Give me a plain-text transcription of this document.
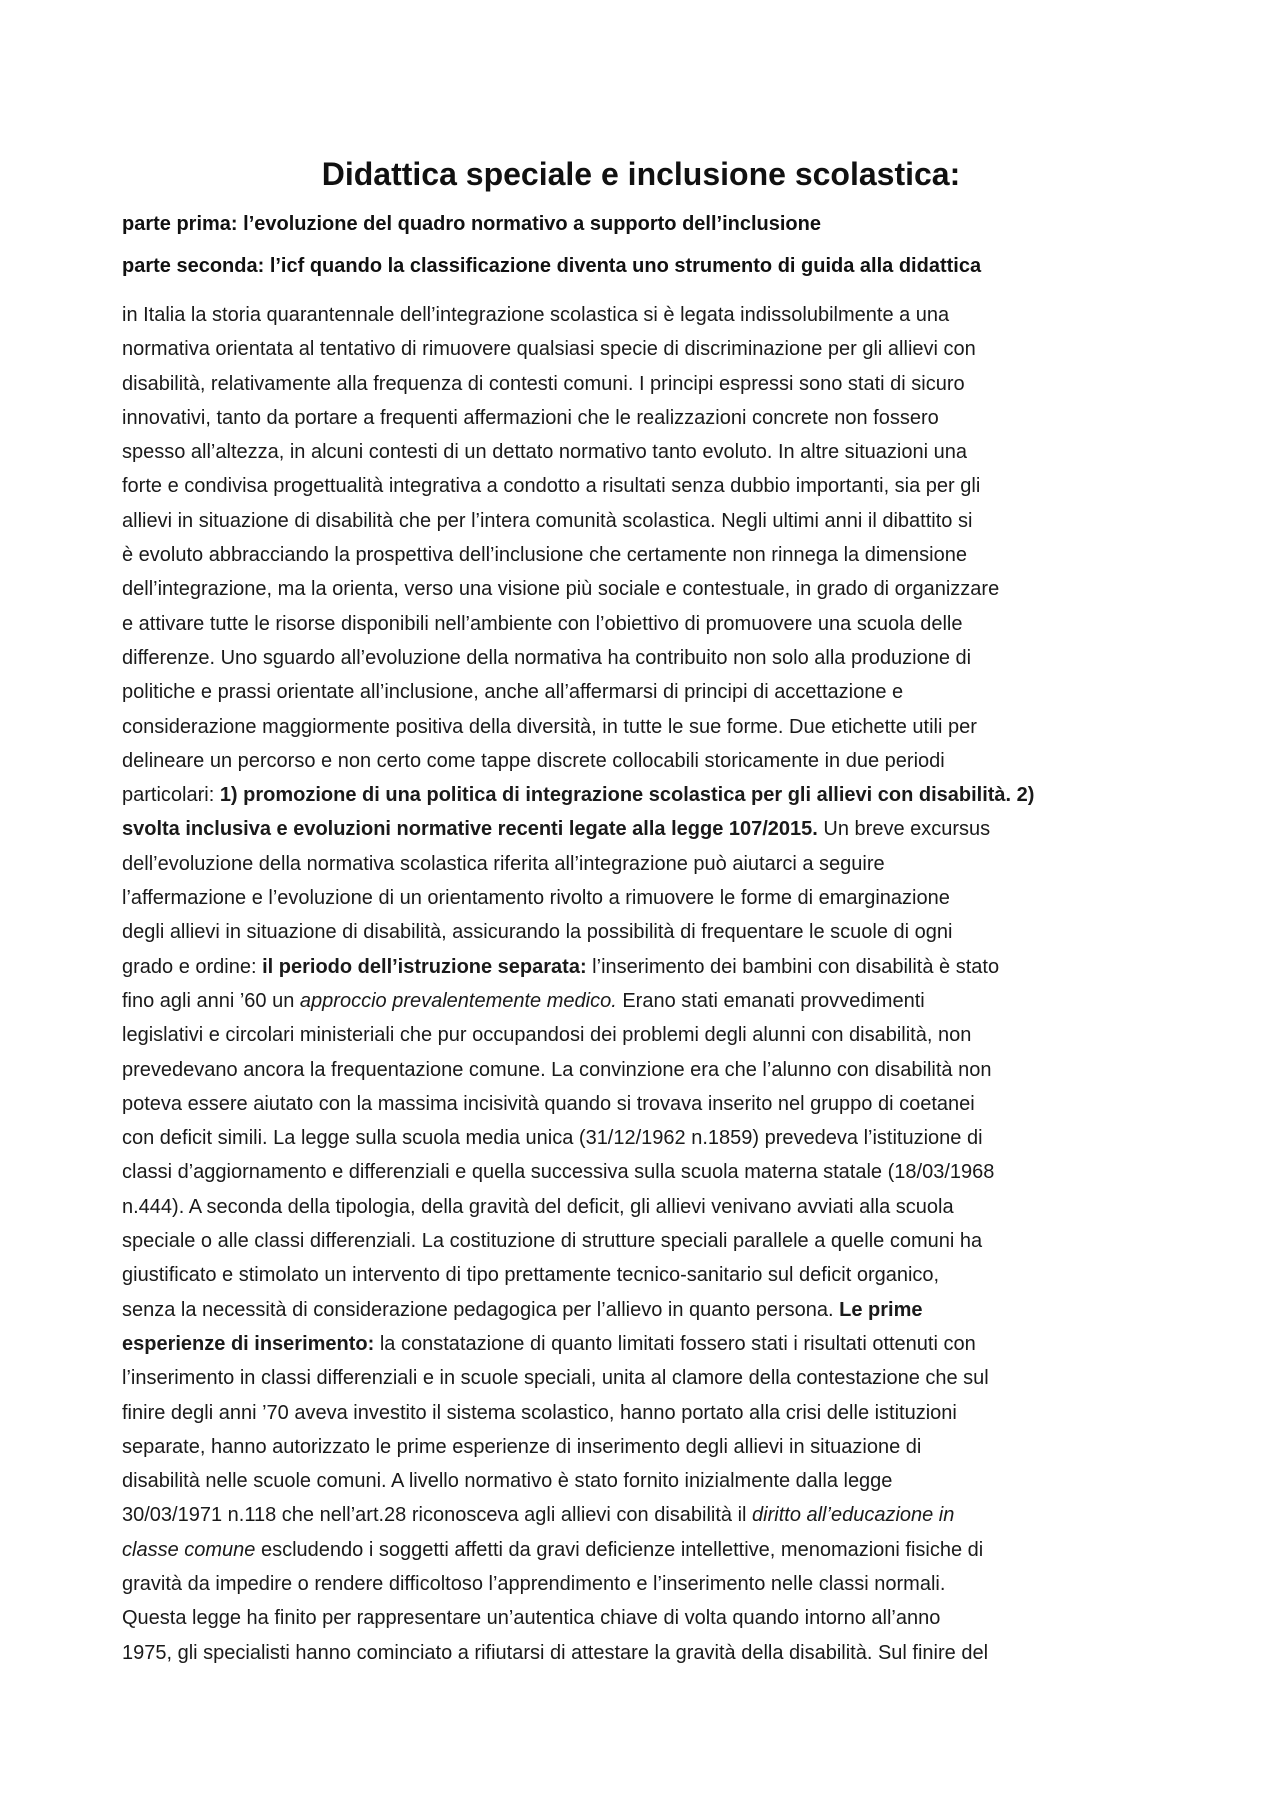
Didattica speciale e inclusione scolastica:
parte prima: l’evoluzione del quadro normativo a supporto dell’inclusione
parte seconda: l’icf quando la classificazione diventa uno strumento di guida alla didattica
in Italia la storia quarantennale dell’integrazione scolastica si è legata indissolubilmente a una
normativa orientata al tentativo di rimuovere qualsiasi specie di discriminazione per gli allievi con
disabilità, relativamente alla frequenza di contesti comuni. I principi espressi sono stati di sicuro
innovativi, tanto da portare a frequenti affermazioni che le realizzazioni concrete non fossero
spesso all’altezza, in alcuni contesti di un dettato normativo tanto evoluto. In altre situazioni una
forte e condivisa progettualità integrativa a condotto a risultati senza dubbio importanti, sia per gli
allievi in situazione di disabilità che per l’intera comunità scolastica. Negli ultimi anni il dibattito si
è evoluto abbracciando la prospettiva dell’inclusione che certamente non rinnega la dimensione
dell’integrazione, ma la orienta, verso una visione più sociale e contestuale, in grado di organizzare
e attivare tutte le risorse disponibili nell’ambiente con l’obiettivo di promuovere una scuola delle
differenze. Uno sguardo all’evoluzione della normativa ha contribuito non solo alla produzione di
politiche e prassi orientate all’inclusione, anche all’affermarsi di principi di accettazione e
considerazione maggiormente positiva della diversità, in tutte le sue forme. Due etichette utili per
delineare un percorso e non certo come tappe discrete collocabili storicamente in due periodi
particolari: 1) promozione di una politica di integrazione scolastica per gli allievi con disabilità. 2)
svolta inclusiva e evoluzioni normative recenti legate alla legge 107/2015. Un breve excursus
dell’evoluzione della normativa scolastica riferita all’integrazione può aiutarci a seguire
l’affermazione e l’evoluzione di un orientamento rivolto a rimuovere le forme di emarginazione
degli allievi in situazione di disabilità, assicurando la possibilità di frequentare le scuole di ogni
grado e ordine: il periodo dell’istruzione separata: l’inserimento dei bambini con disabilità è stato
fino agli anni ’60 un approccio prevalentemente medico. Erano stati emanati provvedimenti
legislativi e circolari ministeriali che pur occupandosi dei problemi degli alunni con disabilità, non
prevedevano ancora la frequentazione comune. La convinzione era che l’alunno con disabilità non
poteva essere aiutato con la massima incisività quando si trovava inserito nel gruppo di coetanei
con deficit simili. La legge sulla scuola media unica (31/12/1962 n.1859) prevedeva l’istituzione di
classi d’aggiornamento e differenziali e quella successiva sulla scuola materna statale (18/03/1968
n.444). A seconda della tipologia, della gravità del deficit, gli allievi venivano avviati alla scuola
speciale o alle classi differenziali. La costituzione di strutture speciali parallele a quelle comuni ha
giustificato e stimolato un intervento di tipo prettamente tecnico-sanitario sul deficit organico,
senza la necessità di considerazione pedagogica per l’allievo in quanto persona. Le prime
esperienze di inserimento: la constatazione di quanto limitati fossero stati i risultati ottenuti con
l’inserimento in classi differenziali e in scuole speciali, unita al clamore della contestazione che sul
finire degli anni ’70 aveva investito il sistema scolastico, hanno portato alla crisi delle istituzioni
separate, hanno autorizzato le prime esperienze di inserimento degli allievi in situazione di
disabilità nelle scuole comuni. A livello normativo è stato fornito inizialmente dalla legge
30/03/1971 n.118 che nell’art.28 riconosceva agli allievi con disabilità il diritto all’educazione in
classe comune escludendo i soggetti affetti da gravi deficienze intellettive, menomazioni fisiche di
gravità da impedire o rendere difficoltoso l’apprendimento e l’inserimento nelle classi normali.
Questa legge ha finito per rappresentare un’autentica chiave di volta quando intorno all’anno
1975, gli specialisti hanno cominciato a rifiutarsi di attestare la gravità della disabilità. Sul finire del
